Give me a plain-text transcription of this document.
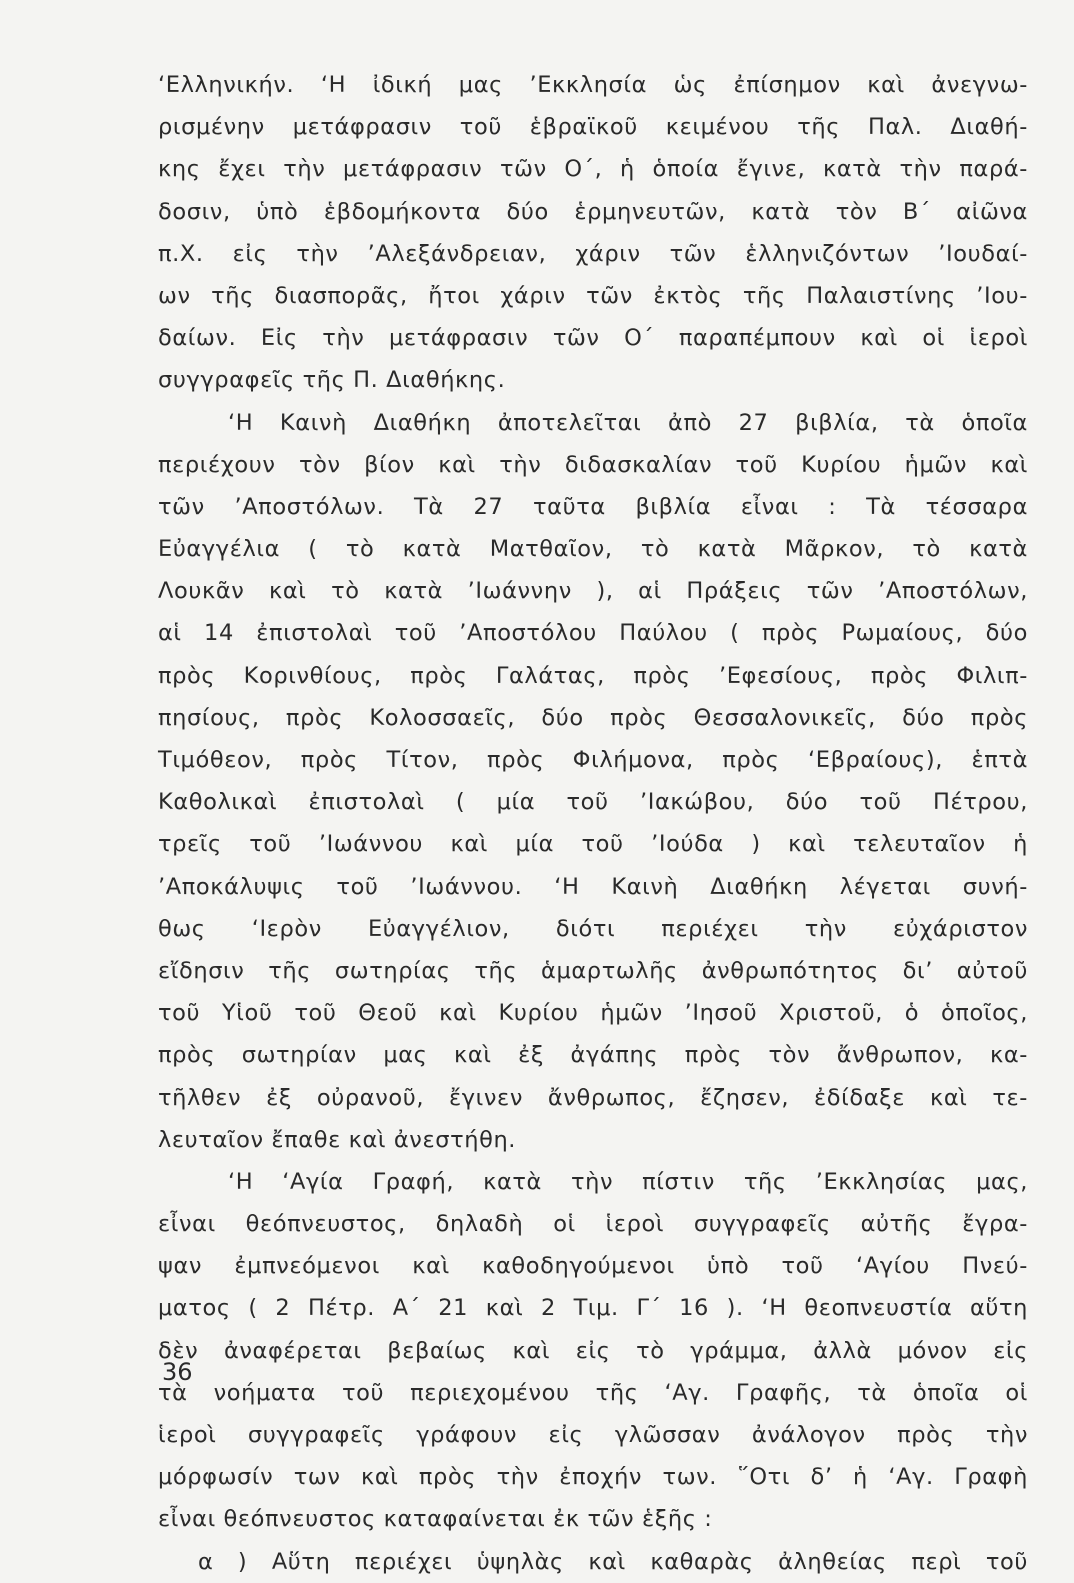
‘Ελληνικήν. ‘Η ἰδική μας ’Εκκλησία ὡς ἐπίσημον καὶ ἀνεγνω-
ρισμένην μετάφρασιν τοῦ ἑβραϊκοῦ κειμένου τῆς Παλ. Διαθή-
κης ἔχει τὴν μετάφρασιν τῶν Ο΄, ἡ ὁποία ἔγινε, κατὰ τὴν παρά-
δοσιν, ὑπὸ ἑβδομήκοντα δύο ἑρμηνευτῶν, κατὰ τὸν Β΄ αἰῶνα
π.Χ. εἰς τὴν ’Αλεξάνδρειαν, χάριν τῶν ἑλληνιζόντων ’Ιουδαί-
ων τῆς διασπορᾶς, ἤτοι χάριν τῶν ἐκτὸς τῆς Παλαιστίνης ’Ιου-
δαίων. Εἰς τὴν μετάφρασιν τῶν Ο΄ παραπέμπουν καὶ οἱ ἱεροὶ
συγγραφεῖς τῆς Π. Διαθήκης.
‘Η Καινὴ Διαθήκη ἀποτελεῖται ἀπὸ 27 βιβλία, τὰ ὁποῖα
περιέχουν τὸν βίον καὶ τὴν διδασκαλίαν τοῦ Κυρίου ἡμῶν καὶ
τῶν ’Αποστόλων. Τὰ 27 ταῦτα βιβλία εἶναι : Τὰ τέσσαρα
Εὐαγγέλια ( τὸ κατὰ Ματθαῖον, τὸ κατὰ Μᾶρκον, τὸ κατὰ
Λουκᾶν καὶ τὸ κατὰ ’Ιωάννην ), αἱ Πράξεις τῶν ’Αποστόλων,
αἱ 14 ἐπιστολαὶ τοῦ ’Αποστόλου Παύλου ( πρὸς Ρωμαίους, δύο
πρὸς Κορινθίους, πρὸς Γαλάτας, πρὸς ’Εφεσίους, πρὸς Φιλιπ-
πησίους, πρὸς Κολοσσαεῖς, δύο πρὸς Θεσσαλονικεῖς, δύο πρὸς
Τιμόθεον, πρὸς Τίτον, πρὸς Φιλήμονα, πρὸς ‘Εβραίους), ἑπτὰ
Καθολικαὶ ἐπιστολαὶ ( μία τοῦ ’Ιακώβου, δύο τοῦ Πέτρου,
τρεῖς τοῦ ’Ιωάννου καὶ μία τοῦ ’Ιούδα ) καὶ τελευταῖον ἡ
’Αποκάλυψις τοῦ ’Ιωάννου. ‘Η Καινὴ Διαθήκη λέγεται συνή-
θως ‘Ιερὸν Εὐαγγέλιον, διότι περιέχει τὴν εὐχάριστον
εἴδησιν τῆς σωτηρίας τῆς ἁμαρτωλῆς ἀνθρωπότητος δι’ αὐτοῦ
τοῦ Υἱοῦ τοῦ Θεοῦ καὶ Κυρίου ἡμῶν ’Ιησοῦ Χριστοῦ, ὁ ὁποῖος,
πρὸς σωτηρίαν μας καὶ ἐξ ἀγάπης πρὸς τὸν ἄνθρωπον, κα-
τῆλθεν ἐξ οὐρανοῦ, ἔγινεν ἄνθρωπος, ἔζησεν, ἐδίδαξε καὶ τε-
λευταῖον ἔπαθε καὶ ἀνεστήθη.
‘Η ‘Αγία Γραφή, κατὰ τὴν πίστιν τῆς ’Εκκλησίας μας,
εἶναι θεόπνευστος, δηλαδὴ οἱ ἱεροὶ συγγραφεῖς αὐτῆς ἔγρα-
ψαν ἐμπνεόμενοι καὶ καθοδηγούμενοι ὑπὸ τοῦ ‘Αγίου Πνεύ-
ματος ( 2 Πέτρ. Α΄ 21 καὶ 2 Τιμ. Γ΄ 16 ). ‘Η θεοπνευστία αὕτη
δὲν ἀναφέρεται βεβαίως καὶ εἰς τὸ γράμμα, ἀλλὰ μόνον εἰς
τὰ νοήματα τοῦ περιεχομένου τῆς ‘Αγ. Γραφῆς, τὰ ὁποῖα οἱ
ἱεροὶ συγγραφεῖς γράφουν εἰς γλῶσσαν ἀνάλογον πρὸς τὴν
μόρφωσίν των καὶ πρὸς τὴν ἐποχήν των. ῞Οτι δ’ ἡ ‘Αγ. Γραφὴ
εἶναι θεόπνευστος καταφαίνεται ἐκ τῶν ἑξῆς :
α ) Αὕτη περιέχει ὑψηλὰς καὶ καθαρὰς ἀληθείας περὶ τοῦ
36
